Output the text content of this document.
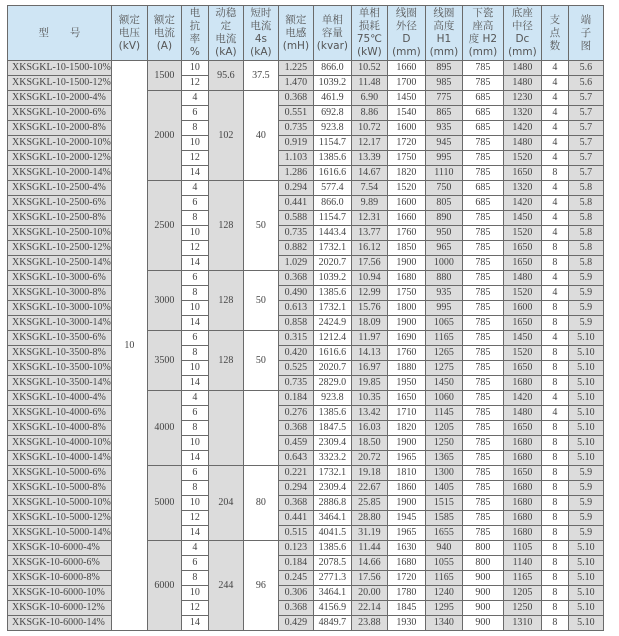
型　　号	额定
电压
(kV)	额定
电流
(A)	电
抗
率
%	动稳
定
电流
(kA)	短时
电流
4s
(kA)	额定
电感
(mH)	单相
容量
(kvar)	单相
损耗
75℃
(kW)	线圈
外径
D
(mm)	线圈
高度
H1
(mm)	下瓷
座高
度 H2
(mm)	底座
中径
Dc
(mm)	支
点
数	端
子
图

XKSGKL-10-1500-10%	10	1500	10	95.6	37.5	1.225	866.0	10.52	1660	895	785	1480	4	5.6
XKSGKL-10-1500-12%			12			1.470	1039.2	11.48	1700	985	785	1480	4	5.6
XKSGKL-10-2000-4%		2000	4	102	40	0.368	461.9	6.90	1450	775	685	1230	4	5.7
XKSGKL-10-2000-6%			6			0.551	692.8	8.86	1540	865	685	1320	4	5.7
XKSGKL-10-2000-8%			8			0.735	923.8	10.72	1600	935	685	1420	4	5.7
XKSGKL-10-2000-10%			10			0.919	1154.7	12.17	1720	945	785	1480	4	5.7
XKSGKL-10-2000-12%			12			1.103	1385.6	13.39	1750	995	785	1520	4	5.7
XKSGKL-10-2000-14%			14			1.286	1616.6	14.67	1820	1110	785	1650	8	5.7
XKSGKL-10-2500-4%		2500	4	128	50	0.294	577.4	7.54	1520	750	685	1320	4	5.8
XKSGKL-10-2500-6%			6			0.441	866.0	9.89	1600	805	685	1420	4	5.8
XKSGKL-10-2500-8%			8			0.588	1154.7	12.31	1660	890	785	1450	4	5.8
XKSGKL-10-2500-10%			10			0.735	1443.4	13.77	1760	950	785	1520	4	5.8
XKSGKL-10-2500-12%			12			0.882	1732.1	16.12	1850	965	785	1650	8	5.8
XKSGKL-10-2500-14%			14			1.029	2020.7	17.56	1900	1000	785	1650	8	5.8
XKSGKL-10-3000-6%		3000	6	128	50	0.368	1039.2	10.94	1680	880	785	1480	4	5.9
XKSGKL-10-3000-8%			8			0.490	1385.6	12.99	1750	935	785	1520	4	5.9
XKSGKL-10-3000-10%			10			0.613	1732.1	15.76	1800	995	785	1600	8	5.9
XKSGKL-10-3000-14%			14			0.858	2424.9	18.09	1900	1065	785	1650	8	5.9
XKSGKL-10-3500-6%		3500	6	128	50	0.315	1212.4	11.97	1690	1165	785	1450	4	5.10
XKSGKL-10-3500-8%			8			0.420	1616.6	14.13	1760	1265	785	1520	8	5.10
XKSGKL-10-3500-10%			10			0.525	2020.7	16.97	1880	1275	785	1650	8	5.10
XKSGKL-10-3500-14%			14			0.735	2829.0	19.85	1950	1450	785	1680	8	5.10
XKSGKL-10-4000-4%		4000	4			0.184	923.8	10.35	1650	1060	785	1420	4	5.10
XKSGKL-10-4000-6%			6			0.276	1385.6	13.42	1710	1145	785	1480	4	5.10
XKSGKL-10-4000-8%			8			0.368	1847.5	16.03	1820	1205	785	1650	8	5.10
XKSGKL-10-4000-10%			10			0.459	2309.4	18.50	1900	1250	785	1680	8	5.10
XKSGKL-10-4000-14%			14			0.643	3323.2	20.72	1965	1365	785	1680	8	5.10
XKSGKL-10-5000-6%		5000	6	204	80	0.221	1732.1	19.18	1810	1300	785	1650	8	5.9
XKSGKL-10-5000-8%			8			0.294	2309.4	22.67	1860	1405	785	1680	8	5.9
XKSGKL-10-5000-10%			10			0.368	2886.8	25.85	1900	1515	785	1680	8	5.9
XKSGKL-10-5000-12%			12			0.441	3464.1	28.80	1945	1585	785	1680	8	5.9
XKSGKL-10-5000-14%			14			0.515	4041.5	31.19	1965	1655	785	1680	8	5.9
XKSGK-10-6000-4%		6000	4	244	96	0.123	1385.6	11.44	1630	940	800	1105	8	5.10
XKSGK-10-6000-6%			6			0.184	2078.5	14.66	1680	1055	800	1140	8	5.10
XKSGK-10-6000-8%			8			0.245	2771.3	17.56	1720	1165	900	1165	8	5.10
XKSGK-10-6000-10%			10			0.306	3464.1	20.00	1780	1240	900	1205	8	5.10
XKSGK-10-6000-12%			12			0.368	4156.9	22.14	1845	1295	900	1250	8	5.10
XKSGK-10-6000-14%			14			0.429	4849.7	23.88	1930	1340	900	1310	8	5.10
